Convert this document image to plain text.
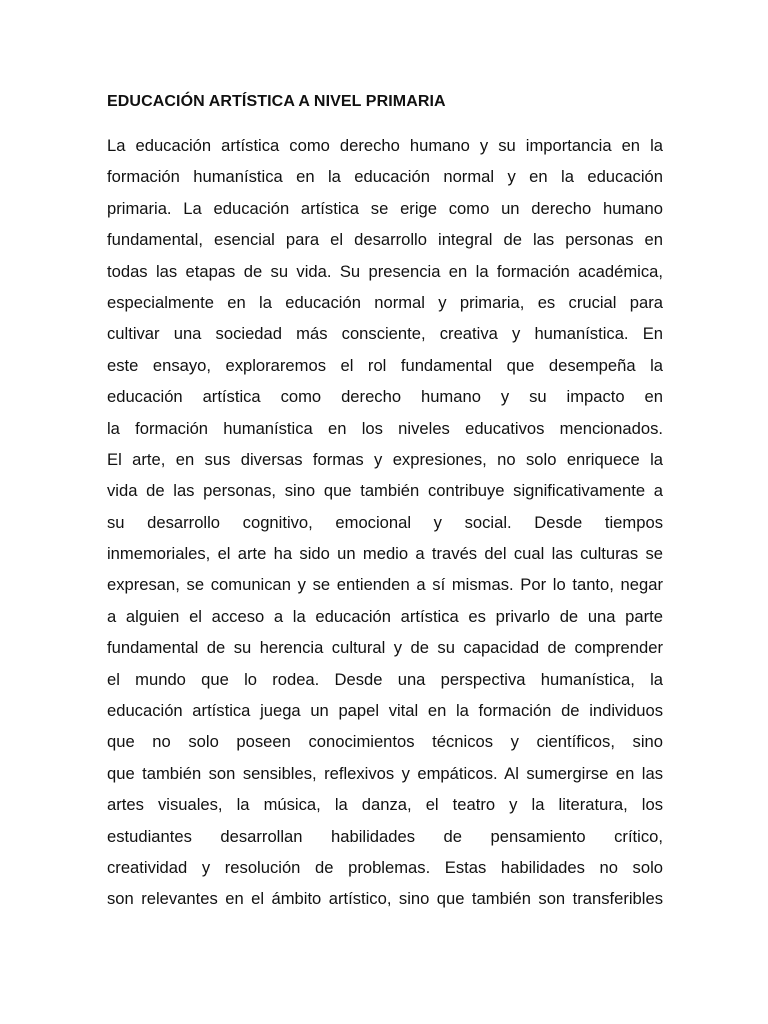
EDUCACIÓN ARTÍSTICA A NIVEL PRIMARIA
La educación artística como derecho humano y su importancia en la
formación humanística en la educación normal y en la educación
primaria. La educación artística se erige como un derecho humano
fundamental, esencial para el desarrollo integral de las personas en
todas las etapas de su vida. Su presencia en la formación académica,
especialmente en la educación normal y primaria, es crucial para
cultivar una sociedad más consciente, creativa y humanística. En
este ensayo, exploraremos el rol fundamental que desempeña la
educación artística como derecho humano y su impacto en
la formación humanística en los niveles educativos mencionados.
El arte, en sus diversas formas y expresiones, no solo enriquece la
vida de las personas, sino que también contribuye significativamente a
su desarrollo cognitivo, emocional y social. Desde tiempos
inmemoriales, el arte ha sido un medio a través del cual las culturas se
expresan, se comunican y se entienden a sí mismas. Por lo tanto, negar
a alguien el acceso a la educación artística es privarlo de una parte
fundamental de su herencia cultural y de su capacidad de comprender
el mundo que lo rodea. Desde una perspectiva humanística, la
educación artística juega un papel vital en la formación de individuos
que no solo poseen conocimientos técnicos y científicos, sino
que también son sensibles, reflexivos y empáticos. Al sumergirse en las
artes visuales, la música, la danza, el teatro y la literatura, los
estudiantes desarrollan habilidades de pensamiento crítico,
creatividad y resolución de problemas. Estas habilidades no solo
son relevantes en el ámbito artístico, sino que también son transferibles
